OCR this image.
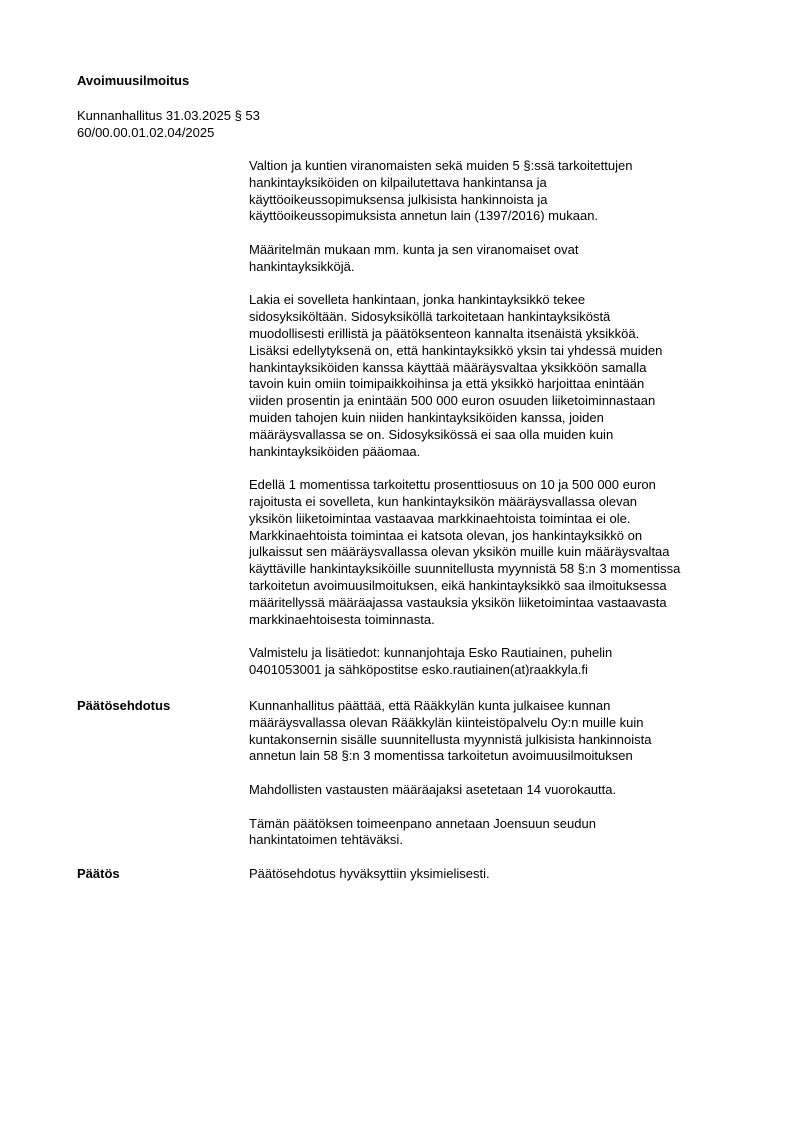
Avoimuusilmoitus
Kunnanhallitus 31.03.2025 § 53
60/00.00.01.02.04/2025

Valtion ja kuntien viranomaisten sekä muiden 5 §:ssä tarkoitettujen
hankintayksiköiden on kilpailutettava hankintansa ja
käyttöoikeussopimuksensa julkisista hankinnoista ja
käyttöoikeussopimuksista annetun lain (1397/2016) mukaan.

Määritelmän mukaan mm. kunta ja sen viranomaiset ovat
hankintayksikköjä.

Lakia ei sovelleta hankintaan, jonka hankintayksikkö tekee
sidosyksiköltään. Sidosyksiköllä tarkoitetaan hankintayksiköstä
muodollisesti erillistä ja päätöksenteon kannalta itsenäistä yksikköä.
Lisäksi edellytyksenä on, että hankintayksikkö yksin tai yhdessä muiden
hankintayksiköiden kanssa käyttää määräysvaltaa yksikköön samalla
tavoin kuin omiin toimipaikkoihinsa ja että yksikkö harjoittaa enintään
viiden prosentin ja enintään 500 000 euron osuuden liiketoiminnastaan
muiden tahojen kuin niiden hankintayksiköiden kanssa, joiden
määräysvallassa se on. Sidosyksikössä ei saa olla muiden kuin
hankintayksiköiden pääomaa.

Edellä 1 momentissa tarkoitettu prosenttiosuus on 10 ja 500 000 euron
rajoitusta ei sovelleta, kun hankintayksikön määräysvallassa olevan
yksikön liiketoimintaa vastaavaa markkinaehtoista toimintaa ei ole.
Markkinaehtoista toimintaa ei katsota olevan, jos hankintayksikkö on
julkaissut sen määräysvallassa olevan yksikön muille kuin määräysvaltaa
käyttäville hankintayksiköille suunnitellusta myynnistä 58 §:n 3 momentissa
tarkoitetun avoimuusilmoituksen, eikä hankintayksikkö saa ilmoituksessa
määritellyssä määräajassa vastauksia yksikön liiketoimintaa vastaavasta
markkinaehtoisesta toiminnasta.

Valmistelu ja lisätiedot: kunnanjohtaja Esko Rautiainen, puhelin
0401053001 ja sähköpostitse esko.rautiainen(at)raakkyla.fi

Päätösehdotus	Kunnanhallitus päättää, että Rääkkylän kunta julkaisee kunnan
määräysvallassa olevan Rääkkylän kiinteistöpalvelu Oy:n muille kuin
kuntakonsernin sisälle suunnitellusta myynnistä julkisista hankinnoista
annetun lain 58 §:n 3 momentissa tarkoitetun avoimuusilmoituksen

Mahdollisten vastausten määräajaksi asetetaan 14 vuorokautta.

Tämän päätöksen toimeenpano annetaan Joensuun seudun
hankintatoimen tehtäväksi.

Päätös	Päätösehdotus hyväksyttiin yksimielisesti.
